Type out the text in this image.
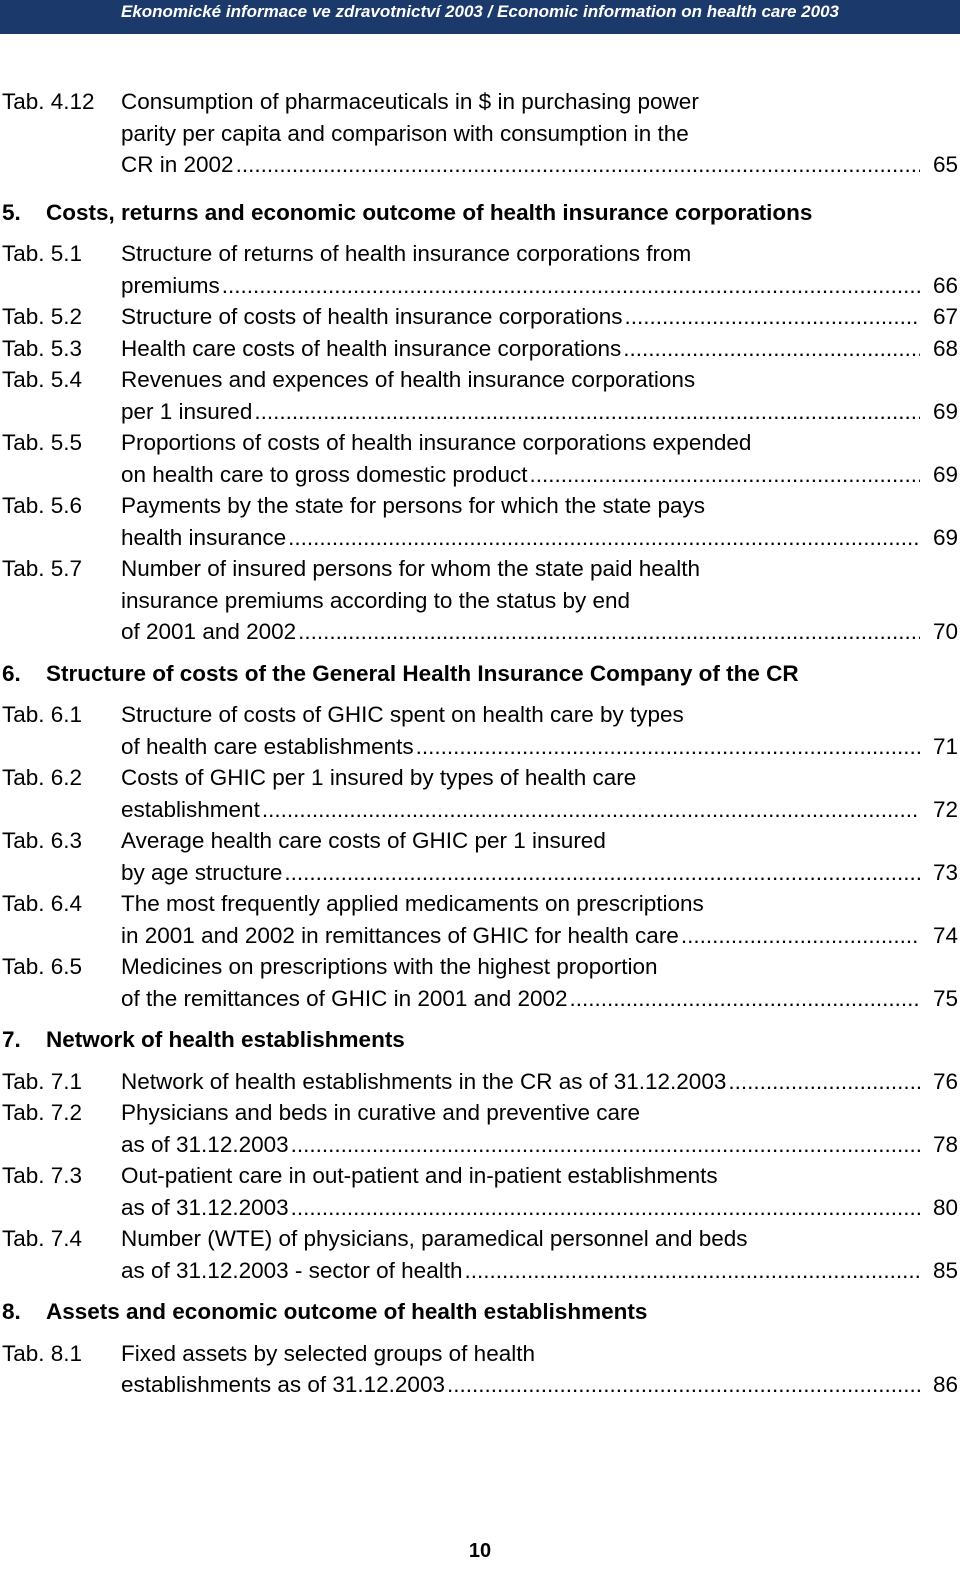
Ekonomické informace ve zdravotnictví 2003 / Economic information on health care 2003
Tab. 4.12 Consumption of pharmaceuticals in $ in purchasing power
parity per capita and comparison with consumption in the
CR in 2002 .....	65
5. Costs, returns and economic outcome of health insurance corporations
Tab. 5.1 Structure of returns of health insurance corporations from
premiums .....	66
Tab. 5.2 Structure of costs of health insurance corporations .....	67
Tab. 5.3 Health care costs of health insurance corporations .....	68
Tab. 5.4 Revenues and expences of health insurance corporations
per 1 insured .....	69
Tab. 5.5 Proportions of costs of health insurance corporations expended
on health care to gross domestic product .....	69
Tab. 5.6 Payments by the state for persons for which the state pays
health insurance .....	69
Tab. 5.7 Number of insured persons for whom the state paid health
insurance premiums according to the status by end
of 2001 and 2002 .....	70
6. Structure of costs of the General Health Insurance Company of the CR
Tab. 6.1 Structure of costs of GHIC spent on health care by types
of health care establishments .....	71
Tab. 6.2 Costs of GHIC per 1 insured by types of health care
establishment .....	72
Tab. 6.3 Average health care costs of GHIC per 1 insured
by age structure .....	73
Tab. 6.4 The most frequently applied medicaments on prescriptions
in 2001 and 2002 in remittances of GHIC for health care .....	74
Tab. 6.5 Medicines on prescriptions with the highest proportion
of the remittances of GHIC in 2001 and 2002 .....	75
7. Network of health establishments
Tab. 7.1 Network of health establishments in the CR as of 31.12.2003 .....	76
Tab. 7.2 Physicians and beds in curative and preventive care
as of 31.12.2003 .....	78
Tab. 7.3 Out-patient care in out-patient and in-patient establishments
as of 31.12.2003 .....	80
Tab. 7.4 Number (WTE) of physicians, paramedical personnel and beds
as of 31.12.2003 - sector of health .....	85
8. Assets and economic outcome of health establishments
Tab. 8.1 Fixed assets by selected groups of health
establishments as of 31.12.2003 .....	86
10
